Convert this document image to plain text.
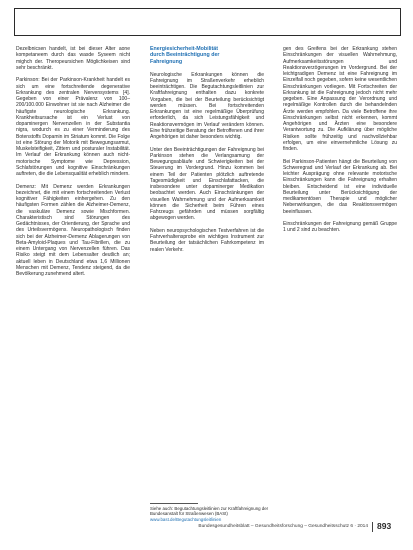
Dezelbnicsen handelt, ist bei dieser Alter aone kompetaneem durch das wasde Syseem nicht mighch der. Theropeursichen Möglichkeisen sind sehr beschränkt.

Parkinson: Bei der Parkinson-Krankheit handelt es sich um eine fortschreitende degenerative Erkrankung des zentralen Nervensystems [4]. Gegeben von einer Prävalenz von 100–200/100.000 Einwohner ist sie nach Alzheimer die häufigste neurologische Erkrankung. Krankheitsursache ist ein Verlust von dopaminergen Nervenzellen in der Substantia nigra, wodurch es zu einer Verminderung des Botenstoffs Dopamin im Striatum kommt. Die Folge ist eine Störung der Motorik mit Bewegungsarmut, Muskelsteifigkeit, Zittern und posturaler Instabilität. Im Verlauf der Erkrankung können auch nicht-motorische Symptome wie Depression, Schlafstörungen und kognitive Einschränkungen auftreten, die die Lebensqualität erheblich mindern.

Demenz: Mit Demenz werden Erkrankungen bezeichnet, die mit einem fortschreitenden Verlust kognitiver Fähigkeiten einhergehen. Zu den häufigsten Formen zählen die Alzheimer-Demenz, die vaskuläre Demenz sowie Mischformen. Charakteristisch sind Störungen des Gedächtnisses, der Orientierung, der Sprache und des Urteilsvermögens. Neuropathologisch finden sich bei der Alzheimer-Demenz Ablagerungen von Beta-Amyloid-Plaques und Tau-Fibrillen, die zu einem Untergang von Nervenzellen führen. Das Risiko steigt mit dem Lebensalter deutlich an; aktuell leben in Deutschland etwa 1,6 Millionen Menschen mit Demenz, Tendenz steigend, da die Bevölkerung zunehmend altert.

Energiesicherheit-Mobilität
durch Beeinträchtigung der
Fahreignung

Neurologische Erkrankungen können die Fahreignung im Straßenverkehr erheblich beeinträchtigen. Die Begutachtungsleitlinien zur Kraftfahreignung enthalten dazu konkrete Vorgaben, die bei der Beurteilung berücksichtigt werden müssen. Bei fortschreitenden Erkrankungen ist eine regelmäßige Überprüfung erforderlich, da sich Leistungsfähigkeit und Reaktionsvermögen im Verlauf verändern können. Eine frühzeitige Beratung der Betroffenen und ihrer Angehörigen ist daher besonders wichtig.

Unter den Beeinträchtigungen der Fahreignung bei Parkinson stehen die Verlangsamung der Bewegungsabläufe und Schwierigkeiten bei der Steuerung im Vordergrund. Hinzu kommen bei einem Teil der Patienten plötzlich auftretende Tagesmüdigkeit und Einschlafattacken, die insbesondere unter dopaminerger Medikation beobachtet werden. Auch Einschränkungen der visuellen Wahrnehmung und der Aufmerksamkeit können die Sicherheit beim Führen eines Fahrzeugs gefährden und müssen sorgfältig abgewogen werden.

Neben neuropsychologischen Testverfahren ist die Fahrverhaltensprobe ein wichtiges Instrument zur Beurteilung der tatsächlichen Fahrkompetenz im realen Verkehr.

gen des Greifens bei der Erkrankung stehen Einschränkungen der visuellen Wahrnehmung, Aufmerksamkeitsstörungen und Reaktionsverzögerungen im Vordergrund. Bei der leichtgradigen Demenz ist eine Fahreignung im Einzelfall noch gegeben, sofern keine wesentlichen Einschränkungen vorliegen. Mit Fortschreiten der Erkrankung ist die Fahreignung jedoch nicht mehr gegeben. Eine Anpassung der Verordnung und regelmäßige Kontrollen durch die behandelnden Ärzte werden empfohlen. Da viele Betroffene ihre Einschränkungen selbst nicht erkennen, kommt Angehörigen und Ärzten eine besondere Verantwortung zu. Die Aufklärung über mögliche Risiken sollte frühzeitig und nachvollziehbar erfolgen, um eine einvernehmliche Lösung zu finden.

Bei Parkinson-Patienten hängt die Beurteilung von Schweregrad und Verlauf der Erkrankung ab. Bei leichter Ausprägung ohne relevante motorische Einschränkungen kann die Fahreignung erhalten bleiben. Entscheidend ist eine individuelle Beurteilung unter Berücksichtigung der medikamentösen Therapie und möglicher Nebenwirkungen, die das Reaktionsvermögen beeinflussen.

Einschränkungen der Fahreignung gemäß Gruppe 1 und 2 sind zu beachten.

Siehe auch: Begutachtungsleitlinien zur Kraftfahreignung der Bundesanstalt für Straßenwesen (BASt)
www.bast.de/Begutachtungsleitlinien
Bundesgesundheitsblatt – Gesundheitsforschung – Gesundheitsschutz 6 · 2014 893
